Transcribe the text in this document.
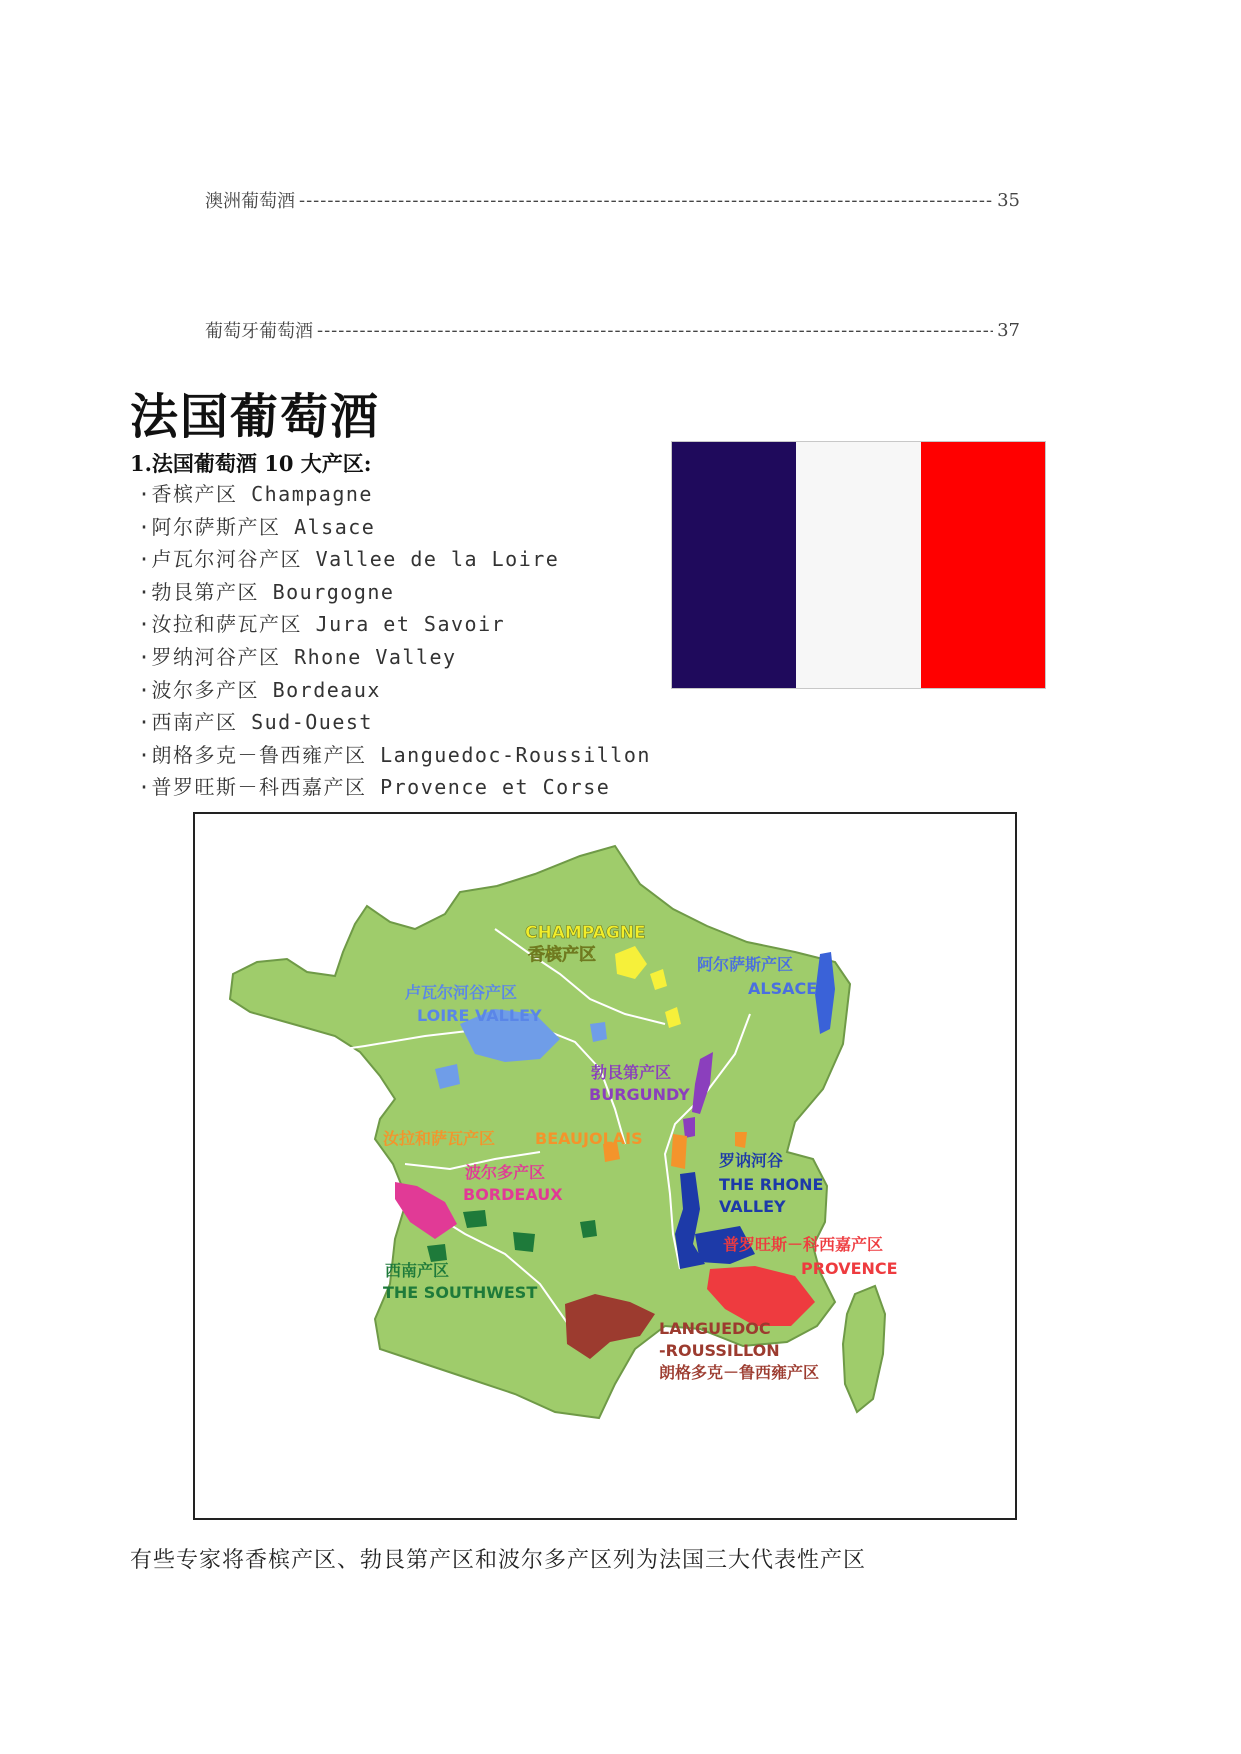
澳洲葡萄酒 -----	35
葡萄牙葡萄酒 -----	37
法国葡萄酒
1.法国葡萄酒 10 大产区:
·香槟产区 Champagne
·阿尔萨斯产区 Alsace
·卢瓦尔河谷产区 Vallee de la Loire
·勃艮第产区 Bourgogne
·汝拉和萨瓦产区 Jura et Savoir
·罗纳河谷产区 Rhone Valley
·波尔多产区 Bordeaux
·西南产区 Sud-Ouest
·朗格多克－鲁西雍产区 Languedoc-Roussillon
·普罗旺斯－科西嘉产区 Provence et Corse
CHAMPAGNE
香槟产区	阿尔萨斯产区
ALSACE
卢瓦尔河谷产区
LOIRE VALLEY
勃艮第产区
BURGUNDY
汝拉和萨瓦产区 BEAUJOLAIS
波尔多产区
BORDEAUX
罗讷河谷
THE RHONE
VALLEY
普罗旺斯－科西嘉产区
PROVENCE
西南产区
THE SOUTHWEST
LANGUEDOC
-ROUSSILLON
朗格多克－鲁西雍产区

有些专家将香槟产区、勃艮第产区和波尔多产区列为法国三大代表性产区
